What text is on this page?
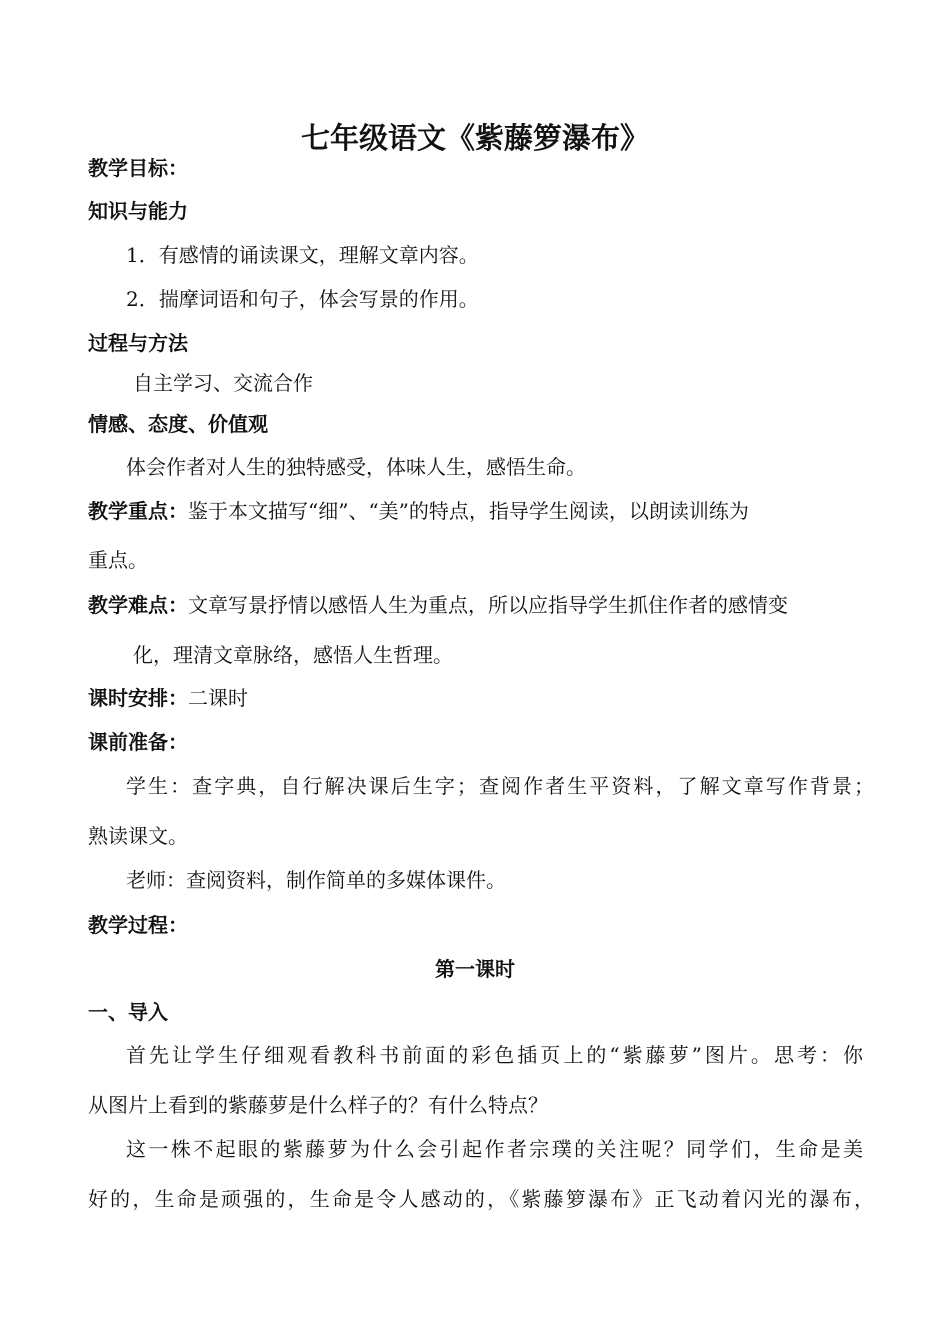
七年级语文《紫藤箩瀑布》
教学目标：
知识与能力
1．有感情的诵读课文，理解文章内容。
2．揣摩词语和句子，体会写景的作用。
过程与方法
自主学习、交流合作
情感、态度、价值观
体会作者对人生的独特感受，体味人生，感悟生命。
教学重点：鉴于本文描写“细”、“美”的特点，指导学生阅读，以朗读训练为
重点。
教学难点：文章写景抒情以感悟人生为重点，所以应指导学生抓住作者的感情变
化，理清文章脉络，感悟人生哲理。
课时安排：二课时
课前准备：
学生：查字典，自行解决课后生字；查阅作者生平资料，了解文章写作背景；
熟读课文。
老师：查阅资料，制作简单的多媒体课件。
教学过程：
第一课时
一、导入
首先让学生仔细观看教科书前面的彩色插页上的“紫藤萝”图片。思考：你
从图片上看到的紫藤萝是什么样子的？有什么特点？
这一株不起眼的紫藤萝为什么会引起作者宗璞的关注呢？同学们，生命是美
好的，生命是顽强的，生命是令人感动的，《紫藤箩瀑布》正飞动着闪光的瀑布，
